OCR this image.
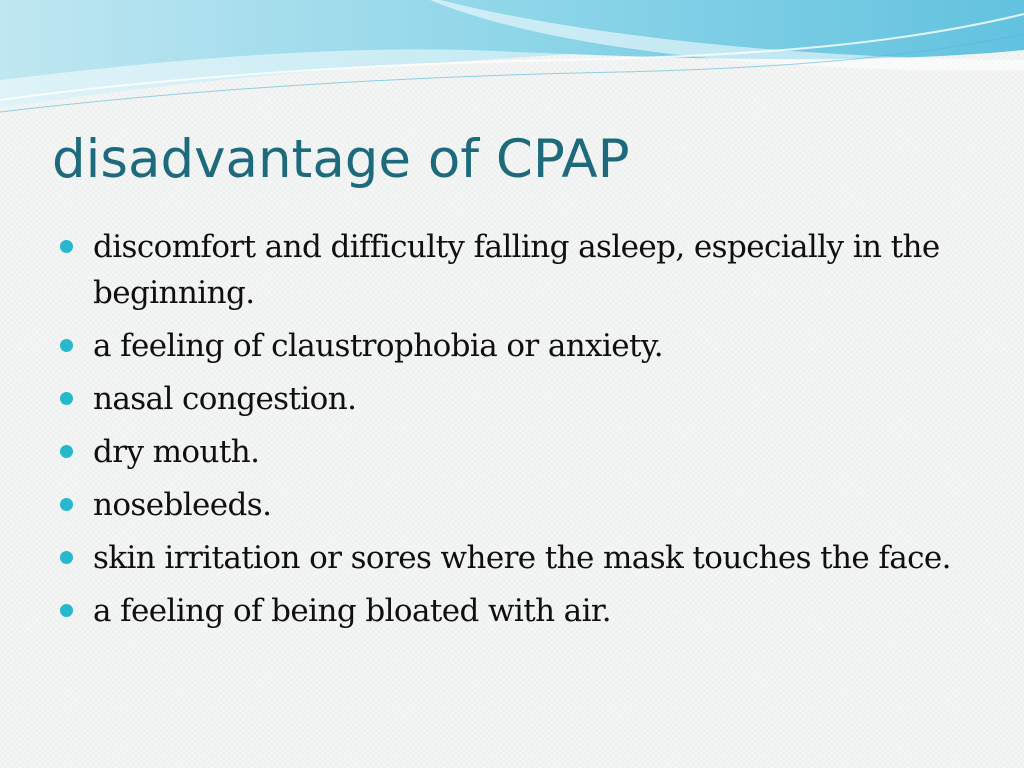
disadvantage of CPAP
discomfort and difficulty falling asleep, especially in the beginning.
a feeling of claustrophobia or anxiety.
nasal congestion.
dry mouth.
nosebleeds.
skin irritation or sores where the mask touches the face.
a feeling of being bloated with air.
